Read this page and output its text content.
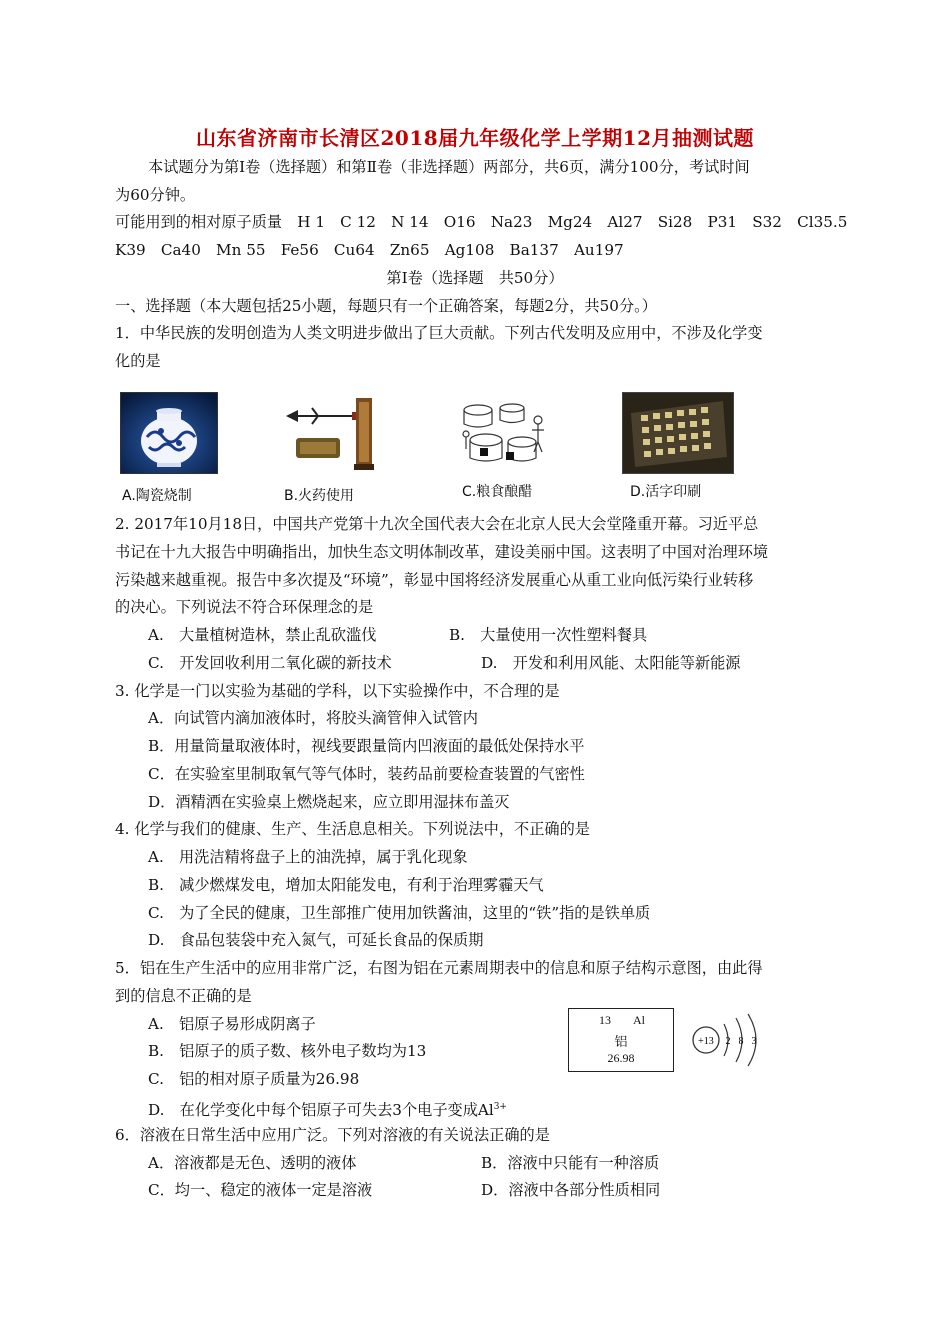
山东省济南市长清区2018届九年级化学上学期12月抽测试题
本试题分为第Ⅰ卷（选择题）和第Ⅱ卷（非选择题）两部分，共6页，满分100分，考试时间
为60分钟。
可能用到的相对原子质量　H 1　C 12　N 14　O16　Na23　Mg24　Al27　Si28　P31　S32　Cl35.5
K39　Ca40　Mn 55　Fe56　Cu64　Zn65　Ag108　Ba137　Au197
第Ⅰ卷（选择题　共50分）
一、选择题（本大题包括25小题，每题只有一个正确答案，每题2分，共50分。）
1．中华民族的发明创造为人类文明进步做出了巨大贡献。下列古代发明及应用中，不涉及化学变
化的是
A.陶瓷烧制	B.火药使用	C.粮食酿醋	D.活字印刷
2. 2017年10月18日，中国共产党第十九次全国代表大会在北京人民大会堂隆重开幕。习近平总
书记在十九大报告中明确指出，加快生态文明体制改革，建设美丽中国。这表明了中国对治理环境
污染越来越重视。报告中多次提及“环境”，彰显中国将经济发展重心从重工业向低污染行业转移
的决心。下列说法不符合环保理念的是
A.　大量植树造林，禁止乱砍滥伐	B.　大量使用一次性塑料餐具
C.　开发回收利用二氧化碳的新技术	D.　开发和利用风能、太阳能等新能源
3. 化学是一门以实验为基础的学科，以下实验操作中，不合理的是
A．向试管内滴加液体时，将胶头滴管伸入试管内
B．用量筒量取液体时，视线要跟量筒内凹液面的最低处保持水平
C．在实验室里制取氧气等气体时，装药品前要检查装置的气密性
D．酒精洒在实验桌上燃烧起来，应立即用湿抹布盖灭
4. 化学与我们的健康、生产、生活息息相关。下列说法中，不正确的是
A.　用洗洁精将盘子上的油洗掉，属于乳化现象
B.　减少燃煤发电，增加太阳能发电，有利于治理雾霾天气
C.　为了全民的健康，卫生部推广使用加铁酱油，这里的“铁”指的是铁单质
D.　食品包装袋中充入氮气，可延长食品的保质期
5．铝在生产生活中的应用非常广泛，右图为铝在元素周期表中的信息和原子结构示意图，由此得
到的信息不正确的是
A.　铝原子易形成阴离子
B.　铝原子的质子数、核外电子数均为13
C.　铝的相对原子质量为26.98
D.　在化学变化中每个铝原子可失去3个电子变成$Al^{3+}$
13 Al
铝
26.98
+13 2 8 3
6．溶液在日常生活中应用广泛。下列对溶液的有关说法正确的是
A．溶液都是无色、透明的液体	B．溶液中只能有一种溶质
C．均一、稳定的液体一定是溶液	D．溶液中各部分性质相同
